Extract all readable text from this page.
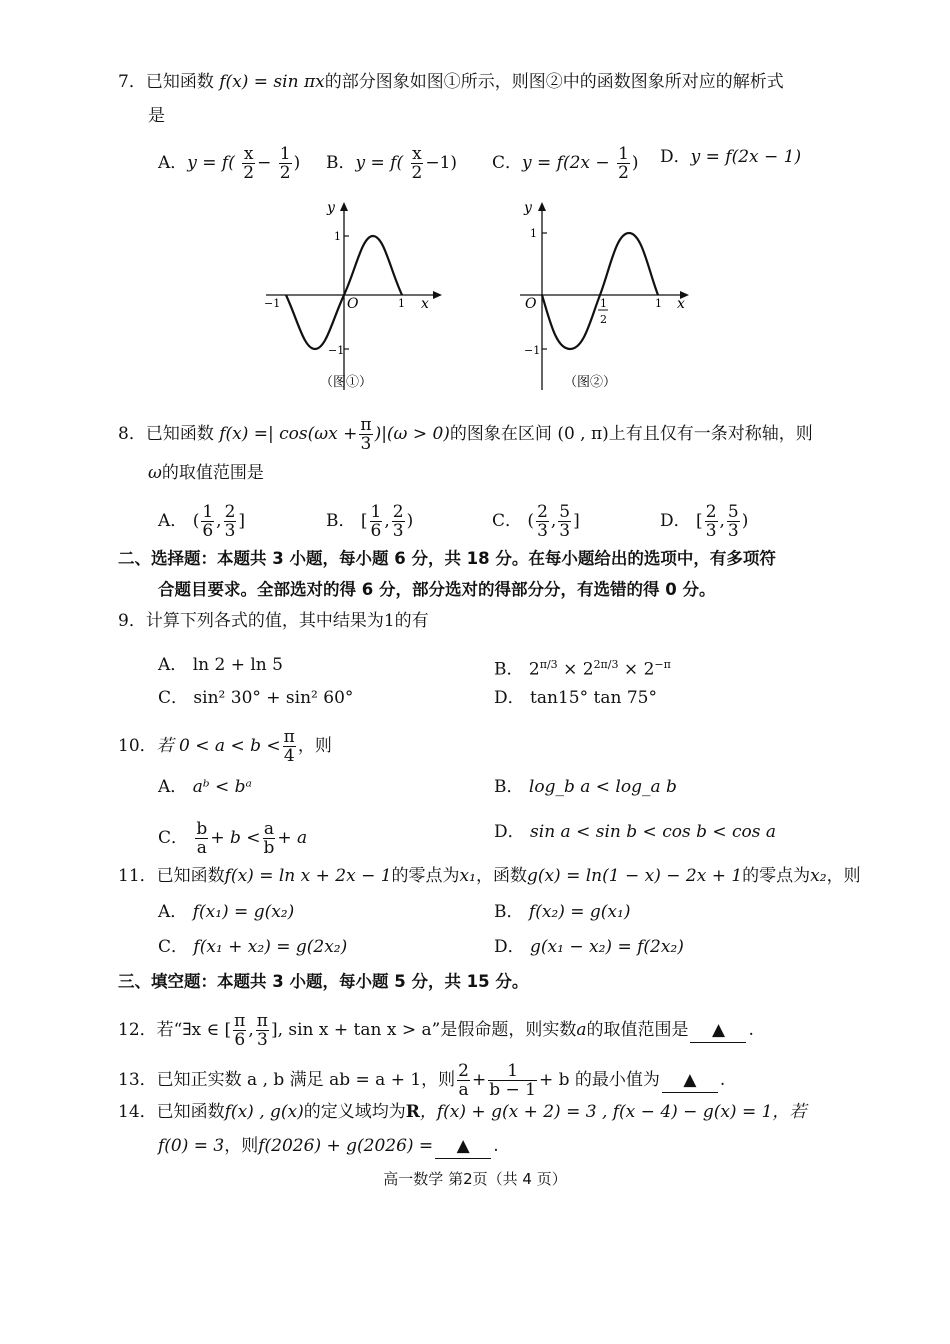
7．已知函数 f(x) = sin πx的部分图象如图①所示，则图②中的函数图象所对应的解析式
是
A．$y = f( \frac{x}{2} - \frac{1}{2}$ ) B．$y = f( \frac{x}{2} -1)$ C．$y = f(2x - \frac{1}{2}$ ) D．y = f(2x − 1)
y
x
O
−1	1
1
−1
（图①）
y
x
O	1
2
1
1
−1
（图②）
8．已知函数 f(x) =| $\cos(\omega x + \frac{\pi}{3} )|(\omega > 0)$的图象在区间 (0 , π)上有且仅有一条对称轴，则
ω的取值范围是
A． ( $\frac{1}{6}$ , $\frac{2}{3}$ ]	B． [ $\frac{1}{6}$ , $\frac{2}{3}$ )	C． ( $\frac{2}{3}$ , $\frac{5}{3}$ ]	D． [ $\frac{2}{3}$ , $\frac{5}{3}$ )
二、选择题：本题共 3 小题，每小题 6 分，共 18 分。在每小题给出的选项中，有多项符
合题目要求。全部选对的得 6 分，部分选对的得部分分，有选错的得 0 分。
9．计算下列各式的值，其中结果为1的有
A． ln 2 + ln 5	B． $2^{\pi/3} \times 2^{2\pi/3} \times 2^{-\pi}$
C． sin² 30° + sin² 60°	D． tan15° tan 75°
10．若 $0 < a < b < \frac{\pi}{4}$ ，则
A． aᵇ < bᵃ	B． log_b a < log_a b
C． $\frac{b}{a} + b < \frac{a}{b} + a$	D． sin a < sin b < cos b < cos a
11．已知函数f(x) = ln x + 2x − 1的零点为x₁，函数g(x) = ln(1 − x) − 2x + 1的零点为x₂，则
A． f(x₁) = g(x₂)	B． f(x₂) = g(x₁)
C． f(x₁ + x₂) = g(2x₂)	D． g(x₁ − x₂) = f(2x₂)
三、填空题：本题共 3 小题，每小题 5 分，共 15 分。
12．若“∃x ∈ [ $\frac{\pi}{6}$ , $\frac{\pi}{3}$ ], sin x + tan x > a”是假命题，则实数a的取值范围是 ▲ .
13．已知正实数 a , b 满足 ab = a + 1，则 $\frac{2}{a} + \frac{1}{b - 1} + b$ 的最小值为 ▲ .
14．已知函数f(x) , g(x)的定义域均为R，f(x) + g(x + 2) = 3 , f(x − 4) − g(x) = 1，若
f(0) = 3，则f(2026) + g(2026) = ▲ .
高一数学 第2页（共 4 页）
